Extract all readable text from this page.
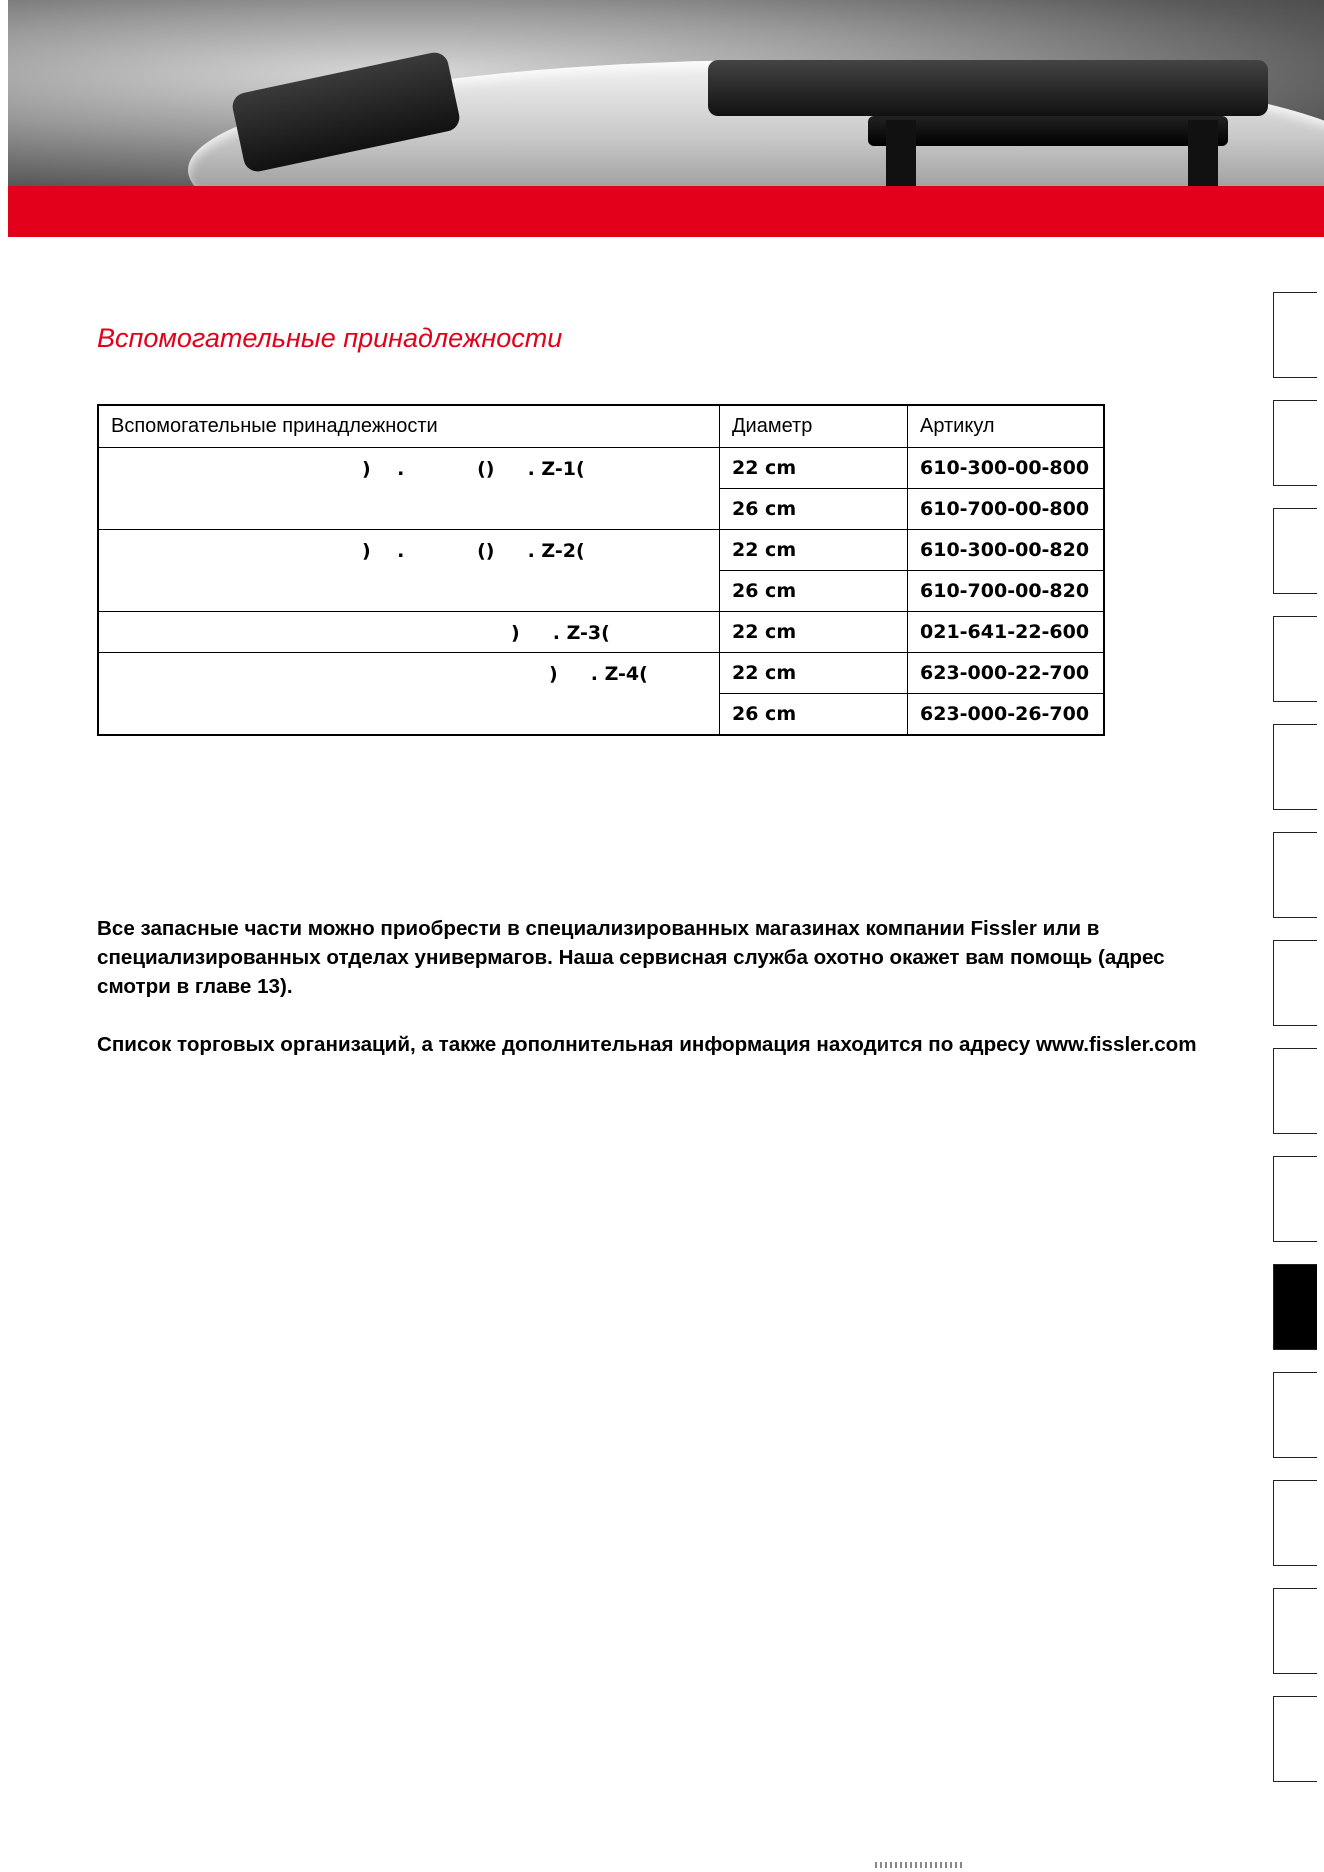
Вспомогательные принадлежности
Вспомогательные принадлежности	Диаметр	Артикул

)    .           ()     . Z-1(	22 cm	610-300-00-800
	26 cm	610-700-00-800

)    .           ()     . Z-2(	22 cm	610-300-00-820
	26 cm	610-700-00-820

)     . Z-3(	22 cm	021-641-22-600

)     . Z-4(	22 cm	623-000-22-700
	26 cm	623-000-26-700

Все запасные части можно приобрести в специализированных магазинах компании Fissler или в специализированных отделах универмагов. Наша сервисная служба охотно окажет вам помощь (адрес смотри в главе 13).

Список торговых организаций, а также дополнительная информация находится по адресу www.fissler.com
